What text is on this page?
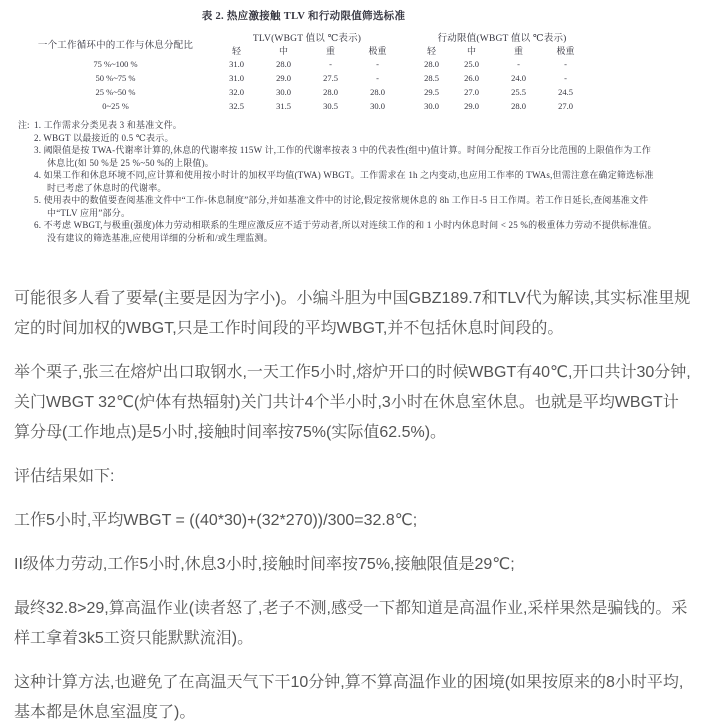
表 2. 热应激接触 TLV 和行动限值筛选标准
一个工作循环中的工作与休息分配比	TLV(WBGT 值以 ℃表示)				行动限值(WBGT 值以 ℃表示)			
	轻	中	重	极重	轻	中	重	极重
75 %~100 %	31.0	28.0	-	-	28.0	25.0	-	-
50 %~75 %	31.0	29.0	27.5	-	28.5	26.0	24.0	-
25 %~50 %	32.0	30.0	28.0	28.0	29.5	27.0	25.5	24.5
0~25 %	32.5	31.5	30.5	30.0	30.0	29.0	28.0	27.0
注: 1. 工作需求分类见表 3 和基准文件。
2. WBGT 以最接近的 0.5 ℃表示。
3. 阈限值是按 TWA-代谢率计算的,休息的代谢率按 115W 计,工作的代谢率按表 3 中的代表性(组中)值计算。时间分配按工作百分比范围的上限值作为工作休息比(如 50 %是 25 %~50 %的上限值)。
4. 如果工作和休息环境不同,应计算和使用按小时计的加权平均值(TWA) WBGT。工作需求在 1h 之内变动,也应用工作率的 TWAs,但需注意在确定筛选标准时已考虑了休息时的代谢率。
5. 使用表中的数值要查阅基准文件中“工作-休息制度”部分,并如基准文件中的讨论,假定按常规休息的 8h 工作日-5 日工作周。若工作日延长,查阅基准文件中“TLV 应用”部分。
6. 不考虑 WBGT,与极重(强度)体力劳动相联系的生理应激反应不适于劳动者,所以对连续工作的和 1 小时内休息时间 < 25 %的极重体力劳动不提供标准值。没有建议的筛选基准,应使用详细的分析和/或生理监测。

可能很多人看了要晕(主要是因为字小)。小编斗胆为中国GBZ189.7和TLV代为解读,其实标准里规定的时间加权的WBGT,只是工作时间段的平均WBGT,并不包括休息时间段的。

举个栗子,张三在熔炉出口取钢水,一天工作5小时,熔炉开口的时候WBGT有40℃,开口共计30分钟,关门WBGT 32℃(炉体有热辐射)关门共计4个半小时,3小时在休息室休息。也就是平均WBGT计算分母(工作地点)是5小时,接触时间率按75%(实际值62.5%)。

评估结果如下:

工作5小时,平均WBGT = ((40*30)+(32*270))/300=32.8℃;

II级体力劳动,工作5小时,休息3小时,接触时间率按75%,接触限值是29℃;

最终32.8>29,算高温作业(读者怒了,老子不测,感受一下都知道是高温作业,采样果然是骗钱的。采样工拿着3k5工资只能默默流泪)。

这种计算方法,也避免了在高温天气下干10分钟,算不算高温作业的困境(如果按原来的8小时平均,基本都是休息室温度了)。
